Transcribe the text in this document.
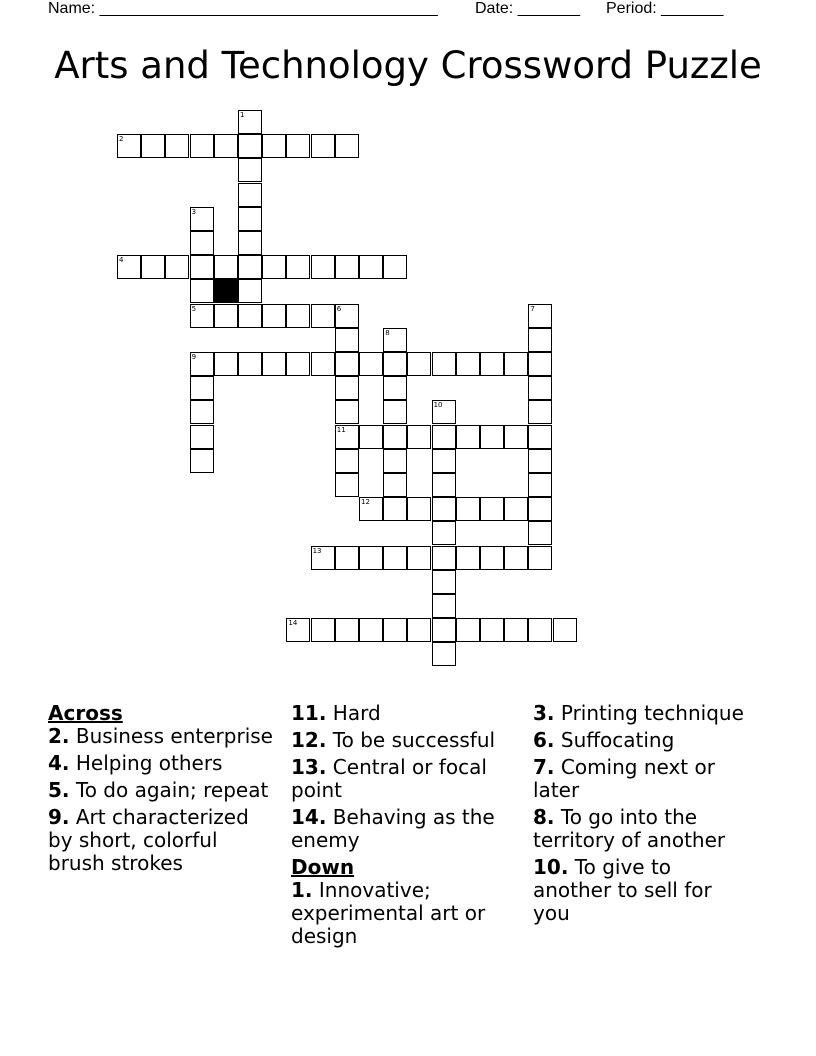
Name: ______________________________________ Date: _______ Period: _______
Arts and Technology Crossword Puzzle
1
2
3
4
5	6	7
8
9
10
11
12
13
14

Across

2. Business enterprise

4. Helping others

5. To do again; repeat

9. Art characterized by short, colorful brush strokes

11. Hard

12. To be successful

13. Central or focal point

14. Behaving as the enemy

Down

1. Innovative; experimental art or design

3. Printing technique

6. Suffocating

7. Coming next or later

8. To go into the territory of another

10. To give to another to sell for you
